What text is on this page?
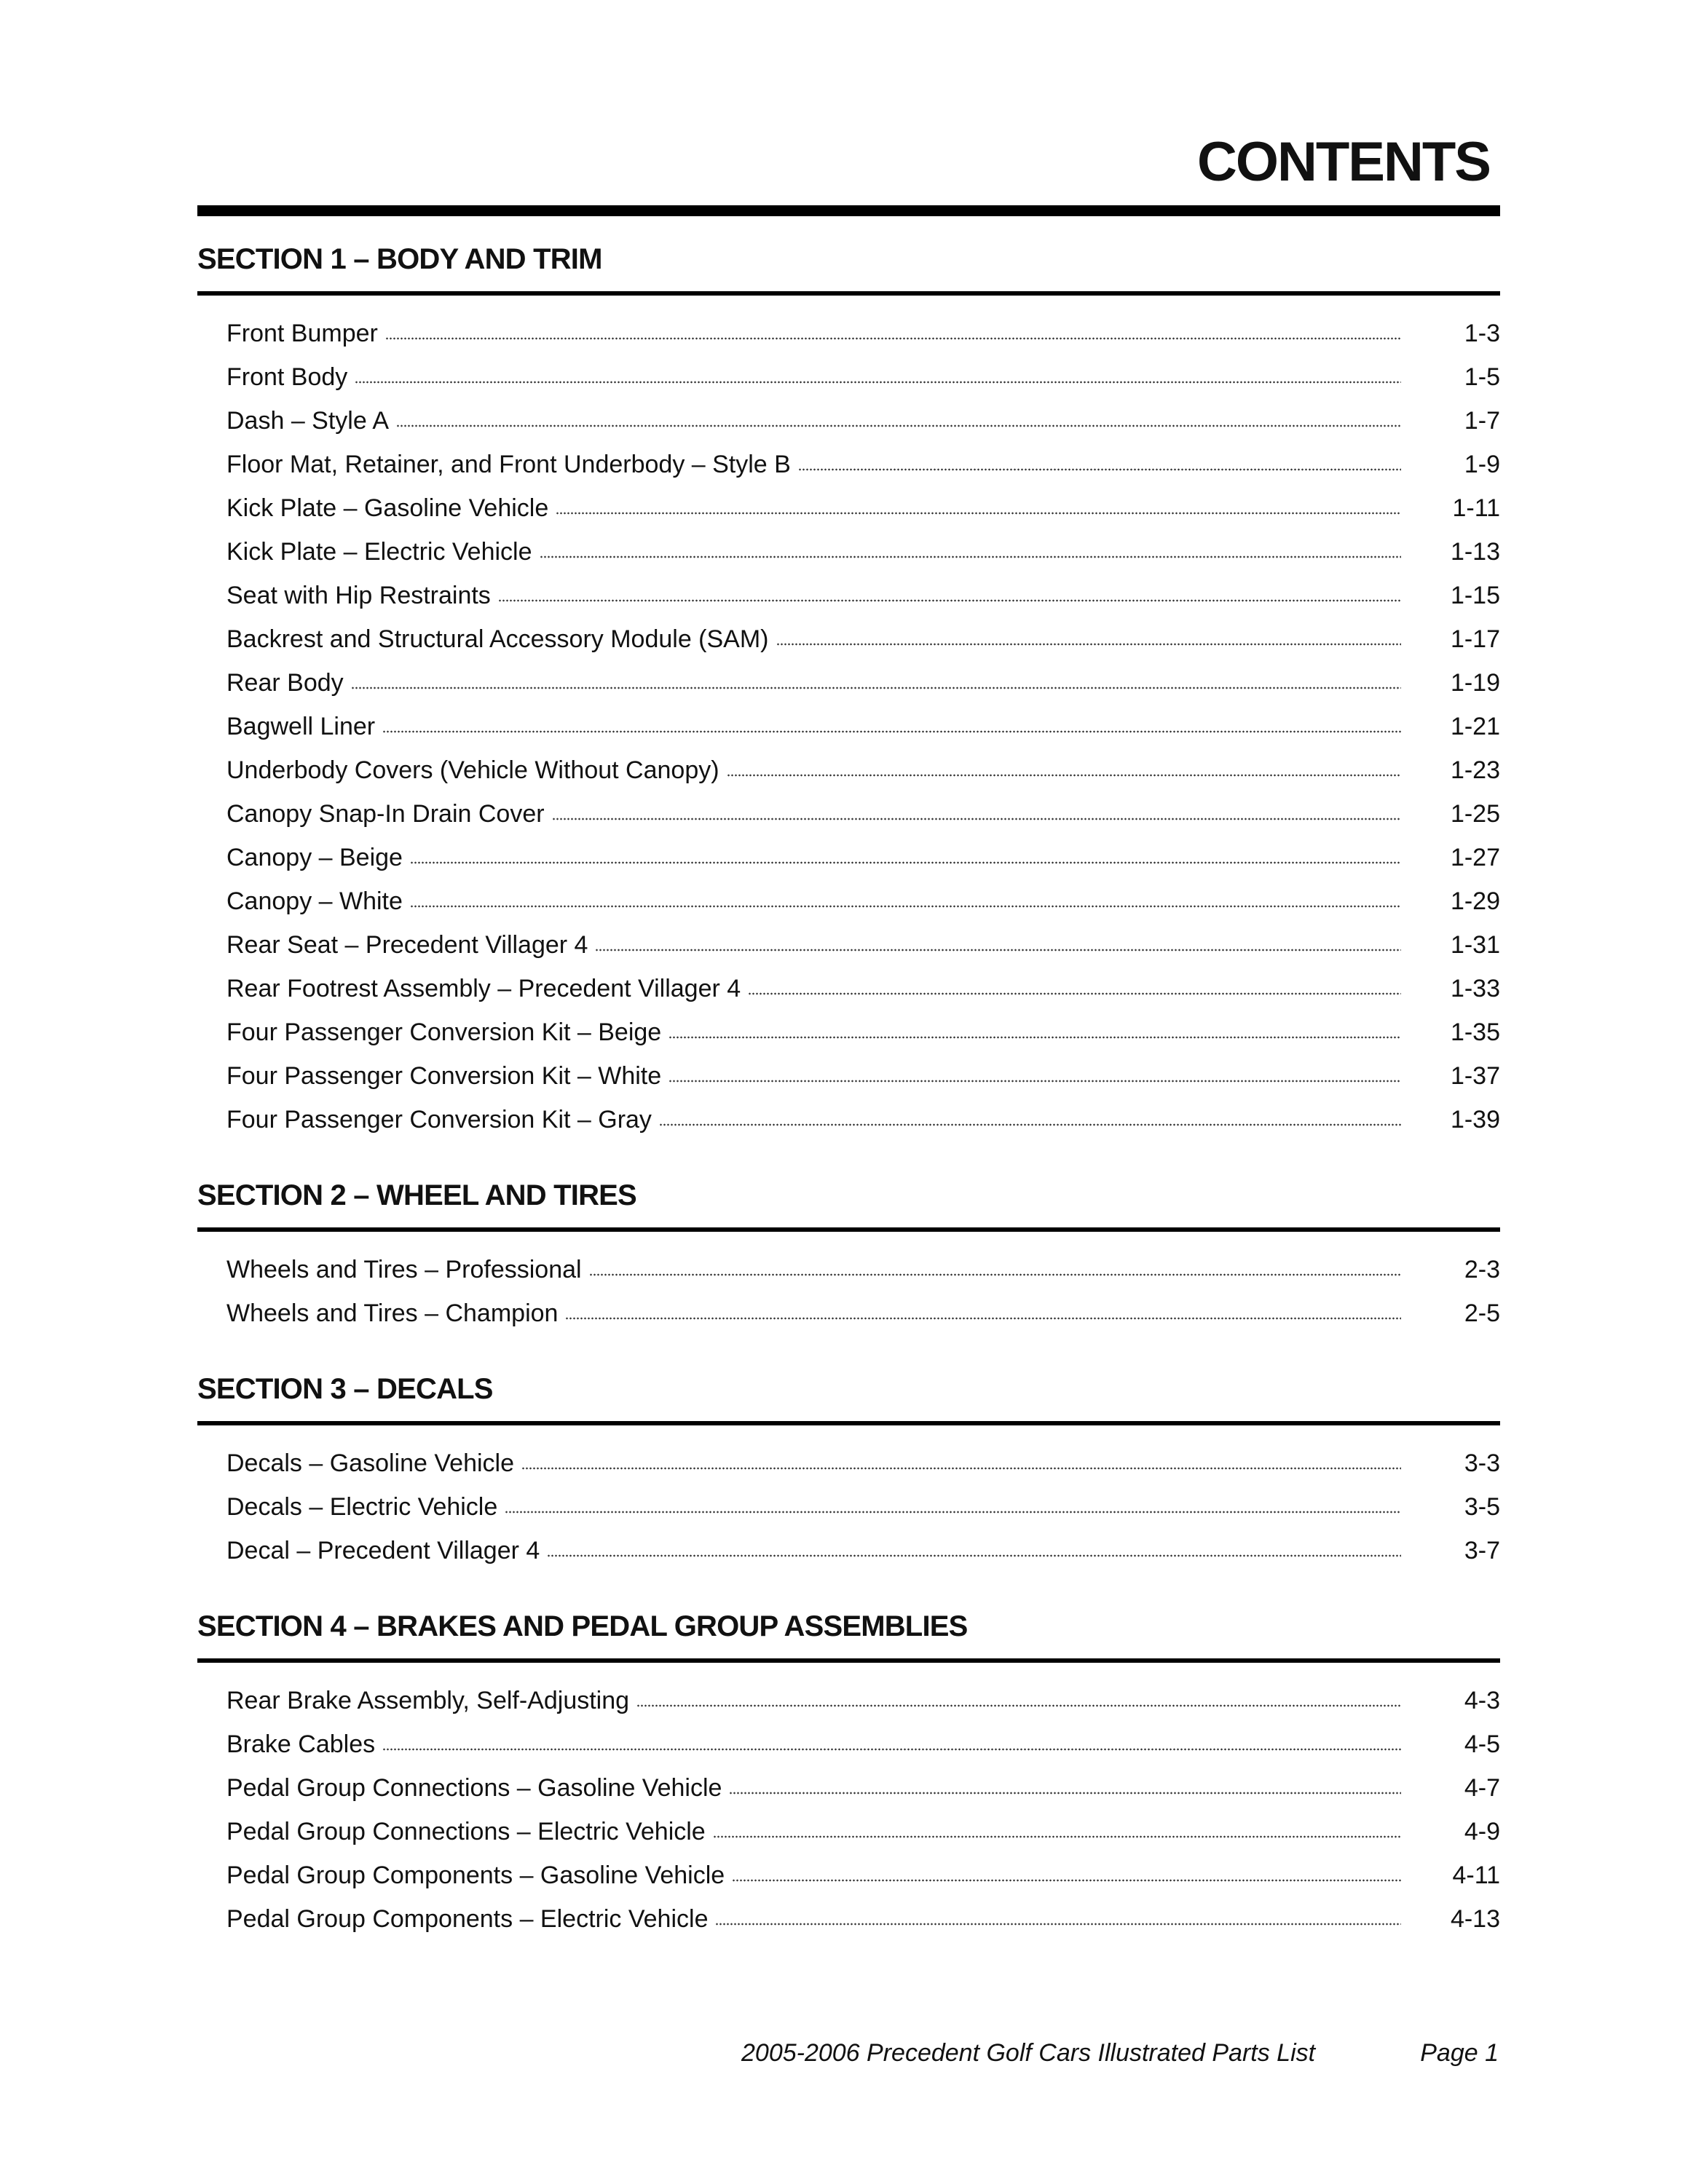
CONTENTS
SECTION 1 – BODY AND TRIM
Front Bumper	1-3
Front Body	1-5
Dash – Style A	1-7
Floor Mat, Retainer, and Front Underbody – Style B	1-9
Kick Plate – Gasoline Vehicle	1-11
Kick Plate – Electric Vehicle	1-13
Seat with Hip Restraints	1-15
Backrest and Structural Accessory Module (SAM)	1-17
Rear Body	1-19
Bagwell Liner	1-21
Underbody Covers (Vehicle Without Canopy)	1-23
Canopy Snap-In Drain Cover	1-25
Canopy – Beige	1-27
Canopy – White	1-29
Rear Seat – Precedent Villager 4	1-31
Rear Footrest Assembly – Precedent Villager 4	1-33
Four Passenger Conversion Kit – Beige	1-35
Four Passenger Conversion Kit – White	1-37
Four Passenger Conversion Kit – Gray	1-39
SECTION 2 – WHEEL AND TIRES
Wheels and Tires – Professional	2-3
Wheels and Tires – Champion	2-5
SECTION 3 – DECALS
Decals – Gasoline Vehicle	3-3
Decals – Electric Vehicle	3-5
Decal – Precedent Villager 4	3-7
SECTION 4 – BRAKES AND PEDAL GROUP ASSEMBLIES
Rear Brake Assembly, Self-Adjusting	4-3
Brake Cables	4-5
Pedal Group Connections – Gasoline Vehicle	4-7
Pedal Group Connections – Electric Vehicle	4-9
Pedal Group Components – Gasoline Vehicle	4-11
Pedal Group Components – Electric Vehicle	4-13
2005-2006 Precedent Golf Cars Illustrated Parts List	Page 1
